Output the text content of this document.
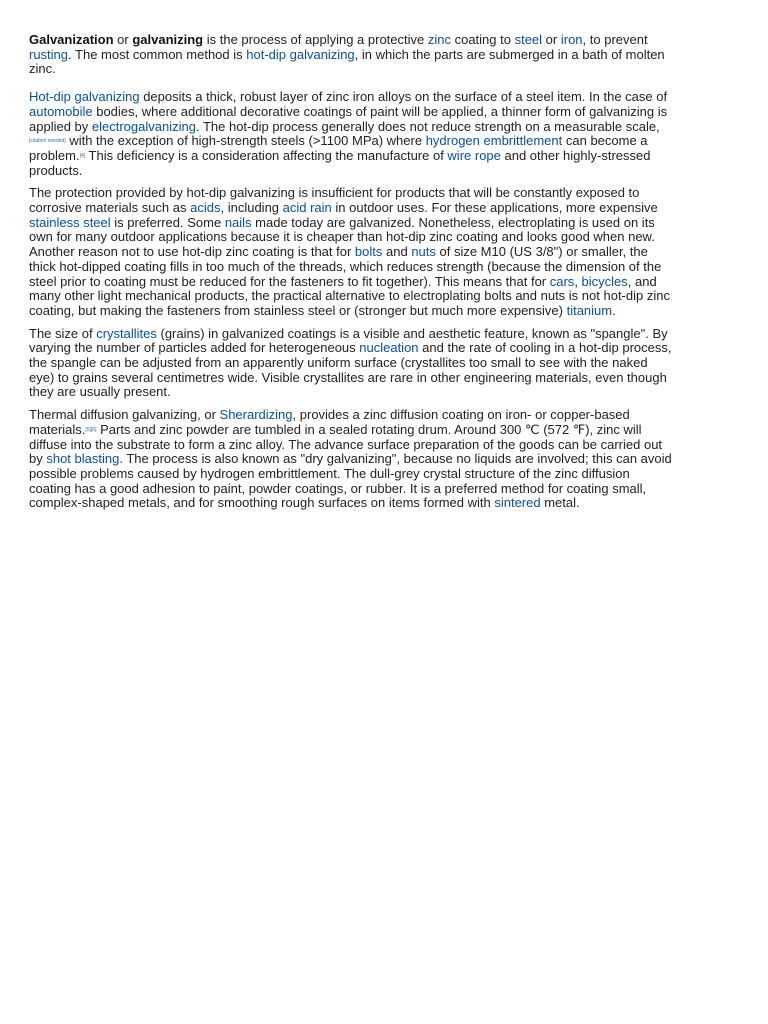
Galvanization or galvanizing is the process of applying a protective zinc coating to steel or iron, to prevent rusting. The most common method is hot-dip galvanizing, in which the parts are submerged in a bath of molten zinc.

Hot-dip galvanizing deposits a thick, robust layer of zinc iron alloys on the surface of a steel item. In the case of automobile bodies, where additional decorative coatings of paint will be applied, a thinner form of galvanizing is applied by electrogalvanizing. The hot-dip process generally does not reduce strength on a measurable scale,[citation needed] with the exception of high-strength steels (>1100 MPa) where hydrogen embrittlement can become a problem.[4] This deficiency is a consideration affecting the manufacture of wire rope and other highly-stressed products.

The protection provided by hot-dip galvanizing is insufficient for products that will be constantly exposed to corrosive materials such as acids, including acid rain in outdoor uses. For these applications, more expensive stainless steel is preferred. Some nails made today are galvanized. Nonetheless, electroplating is used on its own for many outdoor applications because it is cheaper than hot-dip zinc coating and looks good when new. Another reason not to use hot-dip zinc coating is that for bolts and nuts of size M10 (US 3/8") or smaller, the thick hot-dipped coating fills in too much of the threads, which reduces strength (because the dimension of the steel prior to coating must be reduced for the fasteners to fit together). This means that for cars, bicycles, and many other light mechanical products, the practical alternative to electroplating bolts and nuts is not hot-dip zinc coating, but making the fasteners from stainless steel or (stronger but much more expensive) titanium.

The size of crystallites (grains) in galvanized coatings is a visible and aesthetic feature, known as "spangle". By varying the number of particles added for heterogeneous nucleation and the rate of cooling in a hot-dip process, the spangle can be adjusted from an apparently uniform surface (crystallites too small to see with the naked eye) to grains several centimetres wide. Visible crystallites are rare in other engineering materials, even though they are usually present.

Thermal diffusion galvanizing, or Sherardizing, provides a zinc diffusion coating on iron- or copper-based materials.[5][6] Parts and zinc powder are tumbled in a sealed rotating drum. Around 300 ℃ (572 ℉), zinc will diffuse into the substrate to form a zinc alloy. The advance surface preparation of the goods can be carried out by shot blasting. The process is also known as "dry galvanizing", because no liquids are involved; this can avoid possible problems caused by hydrogen embrittlement. The dull-grey crystal structure of the zinc diffusion coating has a good adhesion to paint, powder coatings, or rubber. It is a preferred method for coating small, complex-shaped metals, and for smoothing rough surfaces on items formed with sintered metal.
